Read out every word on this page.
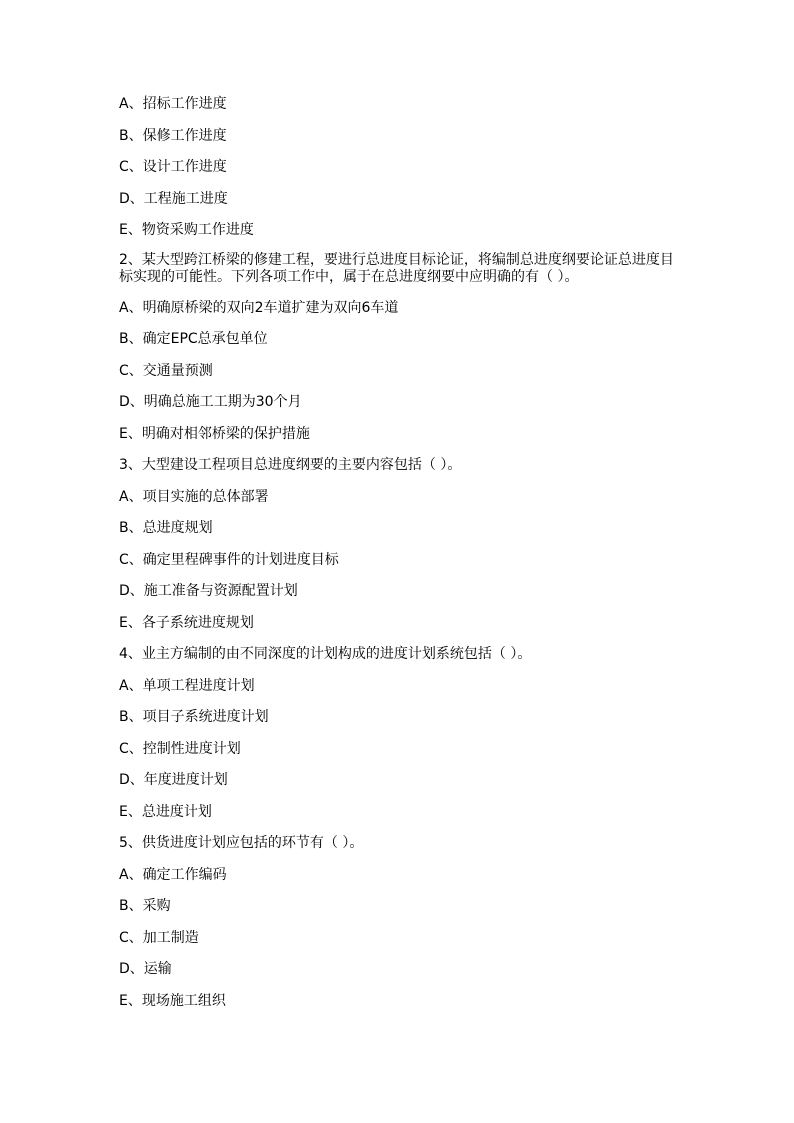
A、招标工作进度

B、保修工作进度

C、设计工作进度

D、工程施工进度

E、物资采购工作进度

2、某大型跨江桥梁的修建工程，要进行总进度目标论证，将编制总进度纲要论证总进度目标实现的可能性。下列各项工作中，属于在总进度纲要中应明确的有（ ）。

A、明确原桥梁的双向2车道扩建为双向6车道

B、确定EPC总承包单位

C、交通量预测

D、明确总施工工期为30个月

E、明确对相邻桥梁的保护措施

3、大型建设工程项目总进度纲要的主要内容包括（ ）。

A、项目实施的总体部署

B、总进度规划

C、确定里程碑事件的计划进度目标

D、施工准备与资源配置计划

E、各子系统进度规划

4、业主方编制的由不同深度的计划构成的进度计划系统包括（ ）。

A、单项工程进度计划

B、项目子系统进度计划

C、控制性进度计划

D、年度进度计划

E、总进度计划

5、供货进度计划应包括的环节有（ ）。

A、确定工作编码

B、采购

C、加工制造

D、运输

E、现场施工组织
